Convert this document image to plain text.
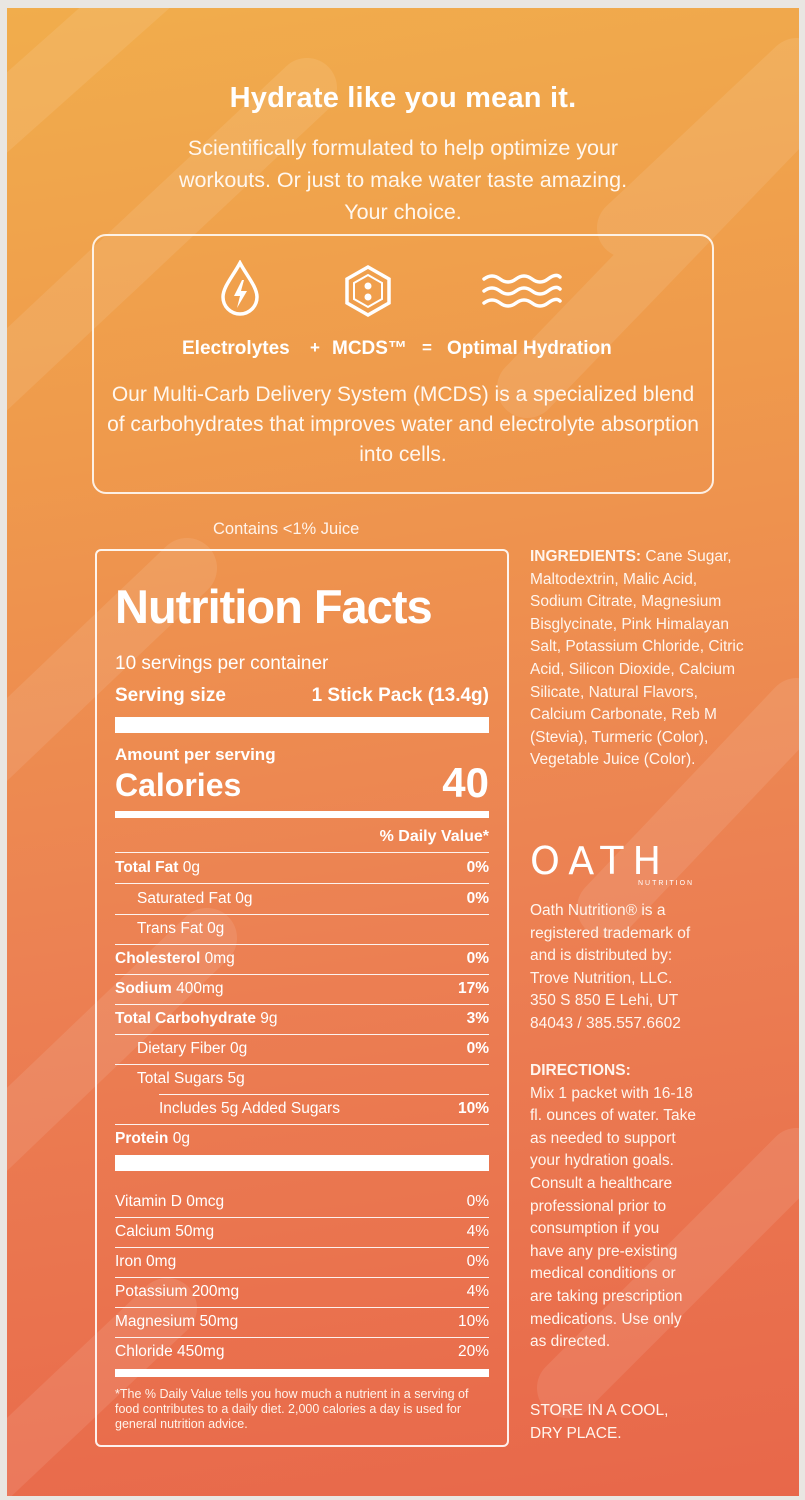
Hydrate like you mean it.
Scientifically formulated to help optimize your workouts. Or just to make water taste amazing. Your choice.
Electrolytes + MCDS™ = Optimal Hydration
Our Multi-Carb Delivery System (MCDS) is a specialized blend of carbohydrates that improves water and electrolyte absorption into cells.
Contains <1% Juice
Nutrition Facts
10 servings per container
Serving size	1 Stick Pack (13.4g)
Amount per serving
Calories	40
% Daily Value*
Total Fat 0g	0%
Saturated Fat 0g	0%
Trans Fat 0g
Cholesterol 0mg	0%
Sodium 400mg	17%
Total Carbohydrate 9g	3%
Dietary Fiber 0g	0%
Total Sugars 5g
Includes 5g Added Sugars	10%
Protein 0g
Vitamin D 0mcg	0%
Calcium 50mg	4%
Iron 0mg	0%
Potassium 200mg	4%
Magnesium 50mg	10%
Chloride 450mg	20%
*The % Daily Value tells you how much a nutrient in a serving of food contributes to a daily diet. 2,000 calories a day is used for general nutrition advice.
INGREDIENTS: Cane Sugar, Maltodextrin, Malic Acid, Sodium Citrate, Magnesium Bisglycinate, Pink Himalayan Salt, Potassium Chloride, Citric Acid, Silicon Dioxide, Calcium Silicate, Natural Flavors, Calcium Carbonate, Reb M (Stevia), Turmeric (Color), Vegetable Juice (Color).
OATH
NUTRITION
Oath Nutrition® is a
registered trademark of
and is distributed by:
Trove Nutrition, LLC.
350 S 850 E Lehi, UT
84043 / 385.557.6602
DIRECTIONS:
Mix 1 packet with 16-18
fl. ounces of water. Take
as needed to support
your hydration goals.
Consult a healthcare
professional prior to
consumption if you
have any pre-existing
medical conditions or
are taking prescription
medications. Use only
as directed.
STORE IN A COOL,
DRY PLACE.
